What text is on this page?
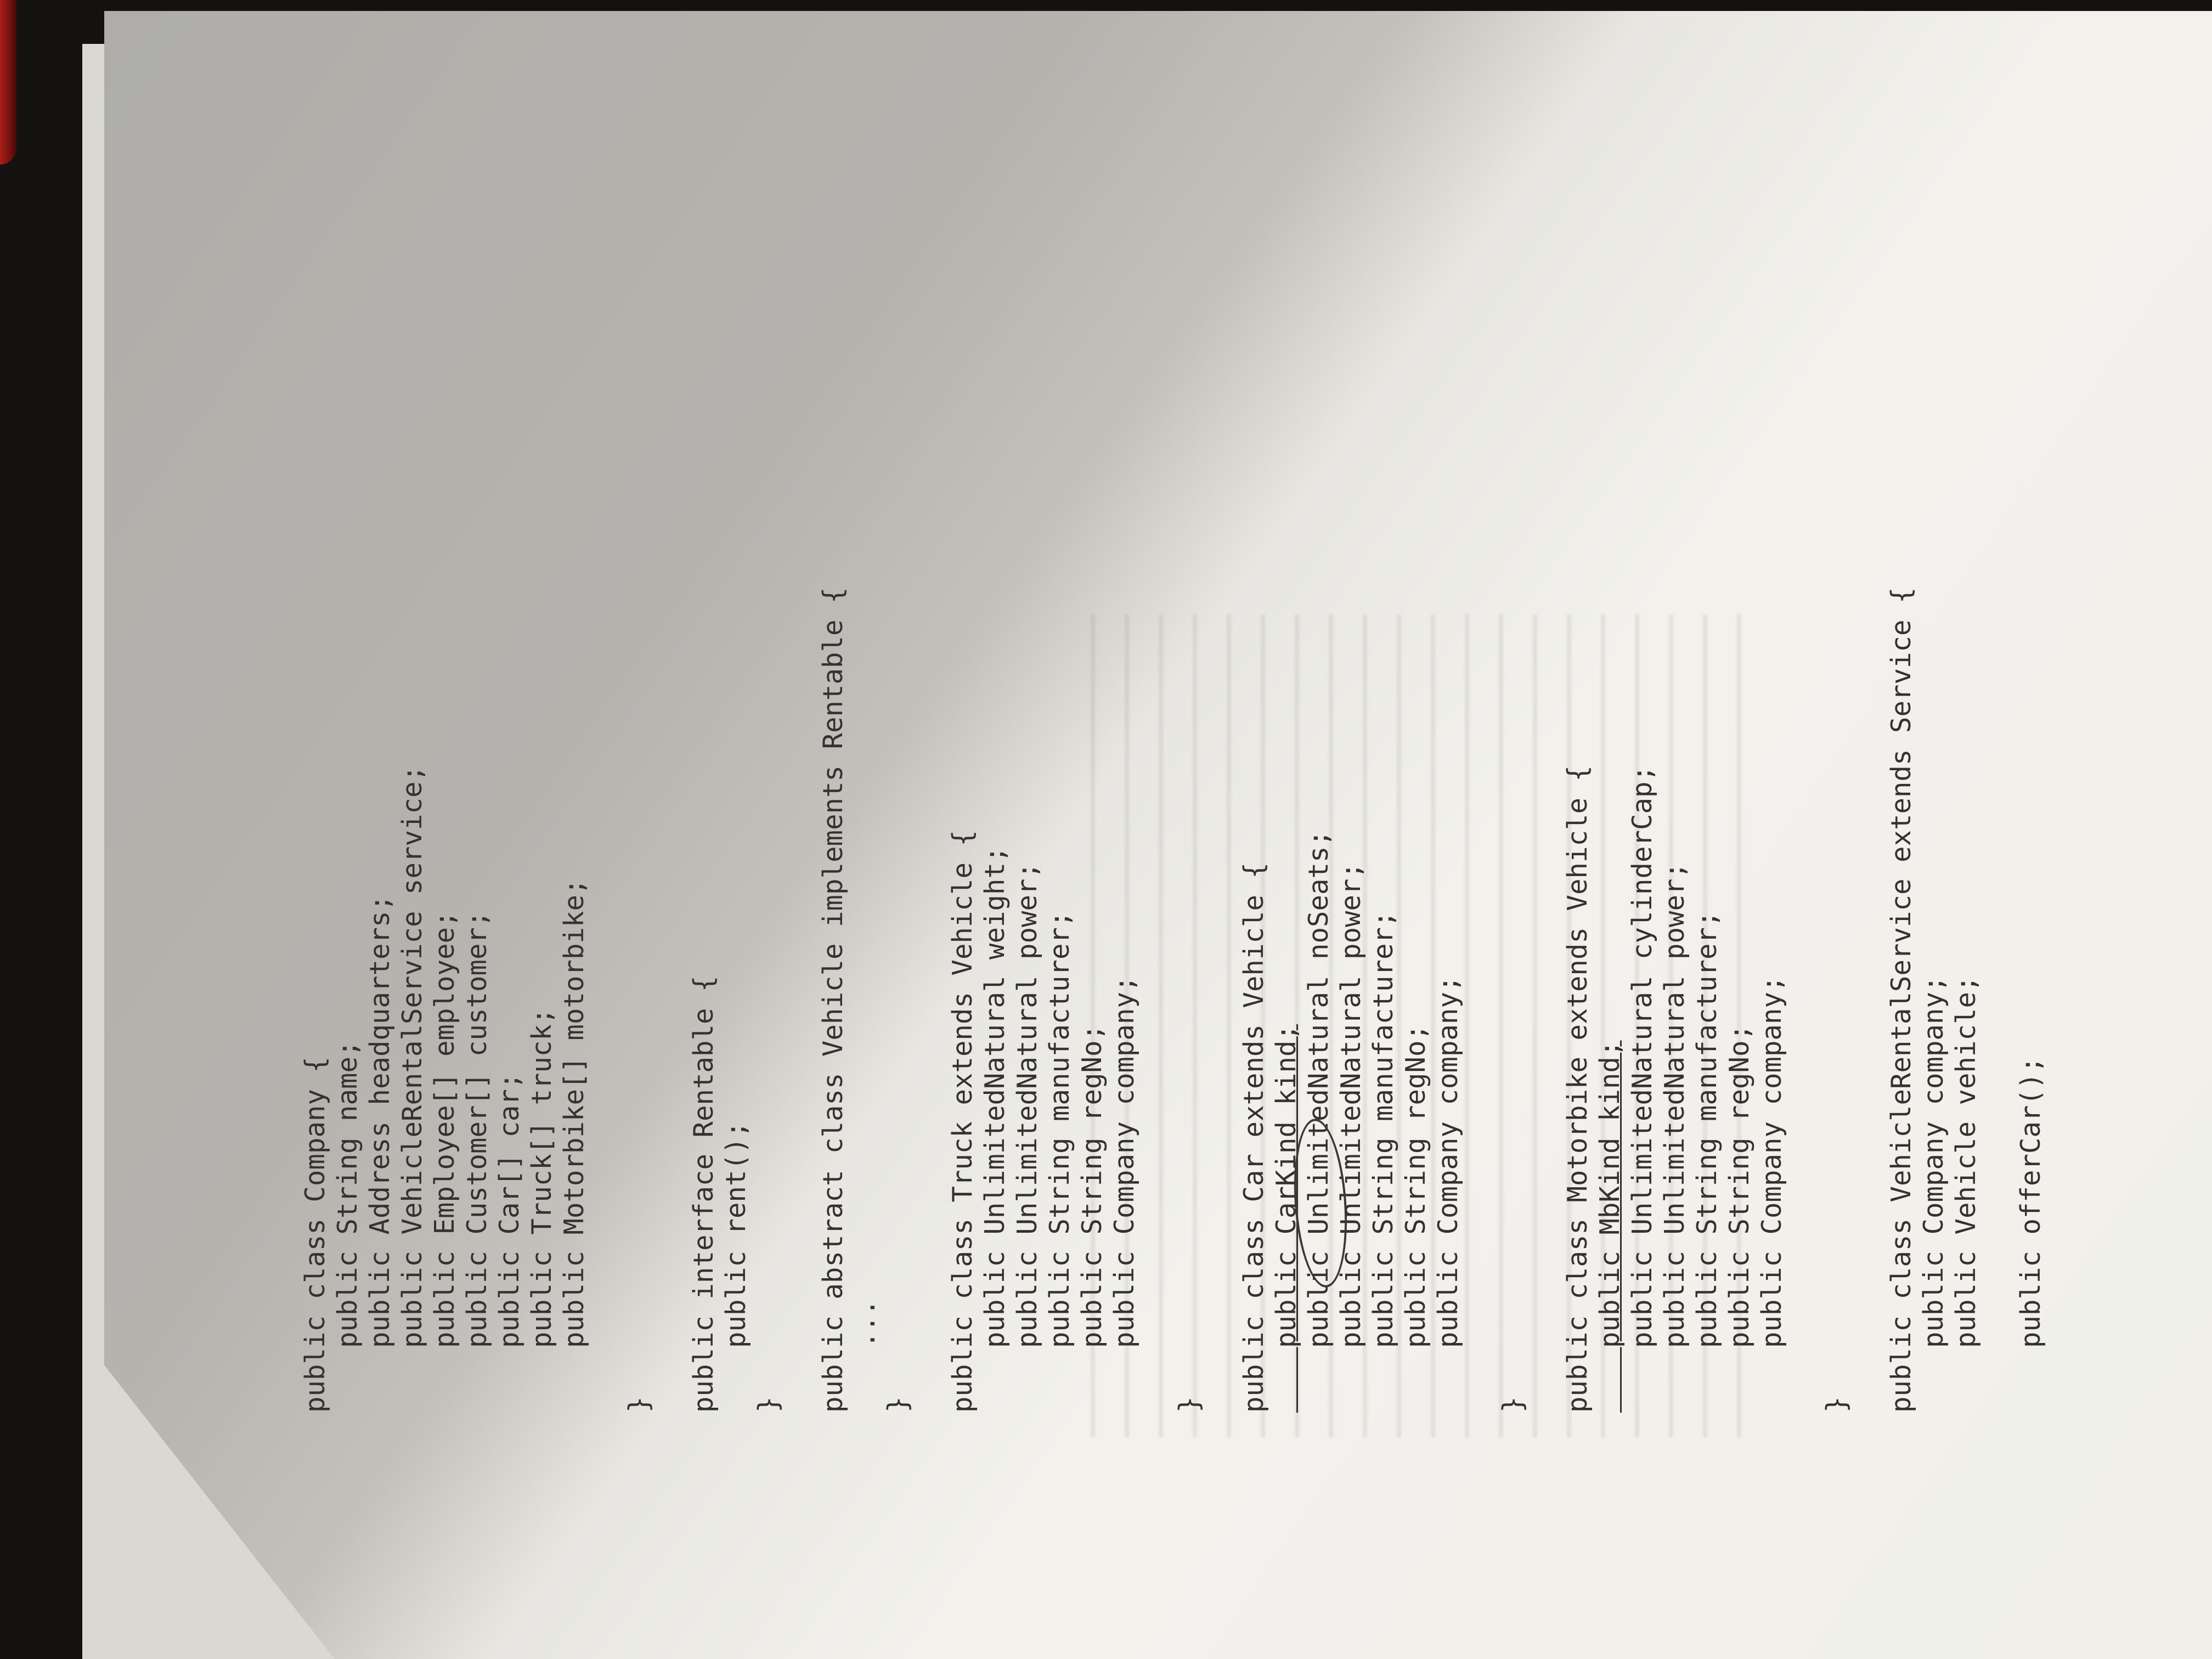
public class Company { public String name; public Address headquarters; public VehicleRentalService service; public Employee[] employee; public Customer[] customer; public Car[] car; public Truck[] truck; public Motorbike[] motorbike; } public interface Rentable { public rent(); } public abstract class Vehicle implements Rentable { ... } public class Truck extends Vehicle { public UnlimitedNatural weight; public UnlimitedNatural power; public String manufacturer; public String regNo; public Company company; } public class Car extends Vehicle { public CarKind kind; public UnlimitedNatural noSeats; public UnlimitedNatural power; public String manufacturer; public String regNo; public Company company; } public class Motorbike extends Vehicle { public MbKind kind; public UnlimitedNatural cylinderCap; public UnlimitedNatural power; public String manufacturer; public String regNo; public Company company; } public class VehicleRentalService extends Service { public Company company; public Vehicle vehicle; public offerCar();
